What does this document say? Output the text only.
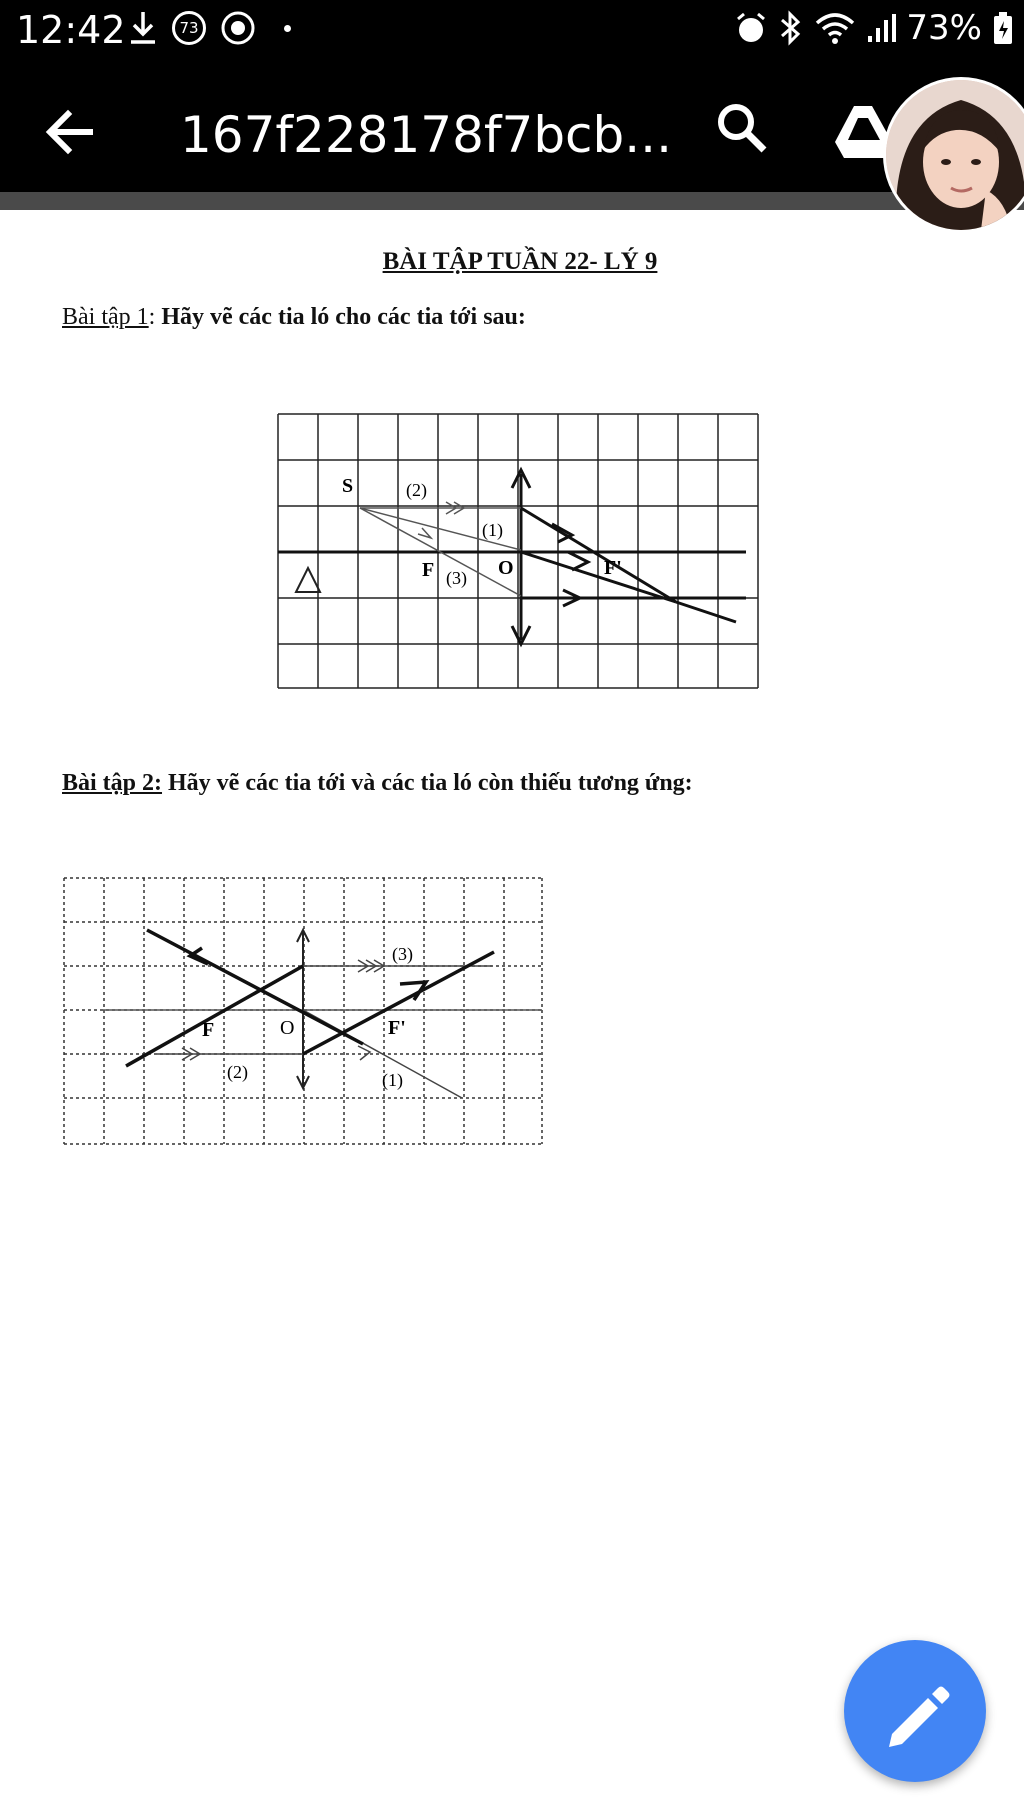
12:42	73	73%
167f228178f7bcb...
BÀI TẬP TUẦN 22- LÝ 9
Bài tập 1: Hãy vẽ các tia ló cho các tia tới sau:
S	(2)
(1)
F (3) O	F'
Bài tập 2: Hãy vẽ các tia tới và các tia ló còn thiếu tương ứng:
(3)
F	O	F'
(2)	(1)
